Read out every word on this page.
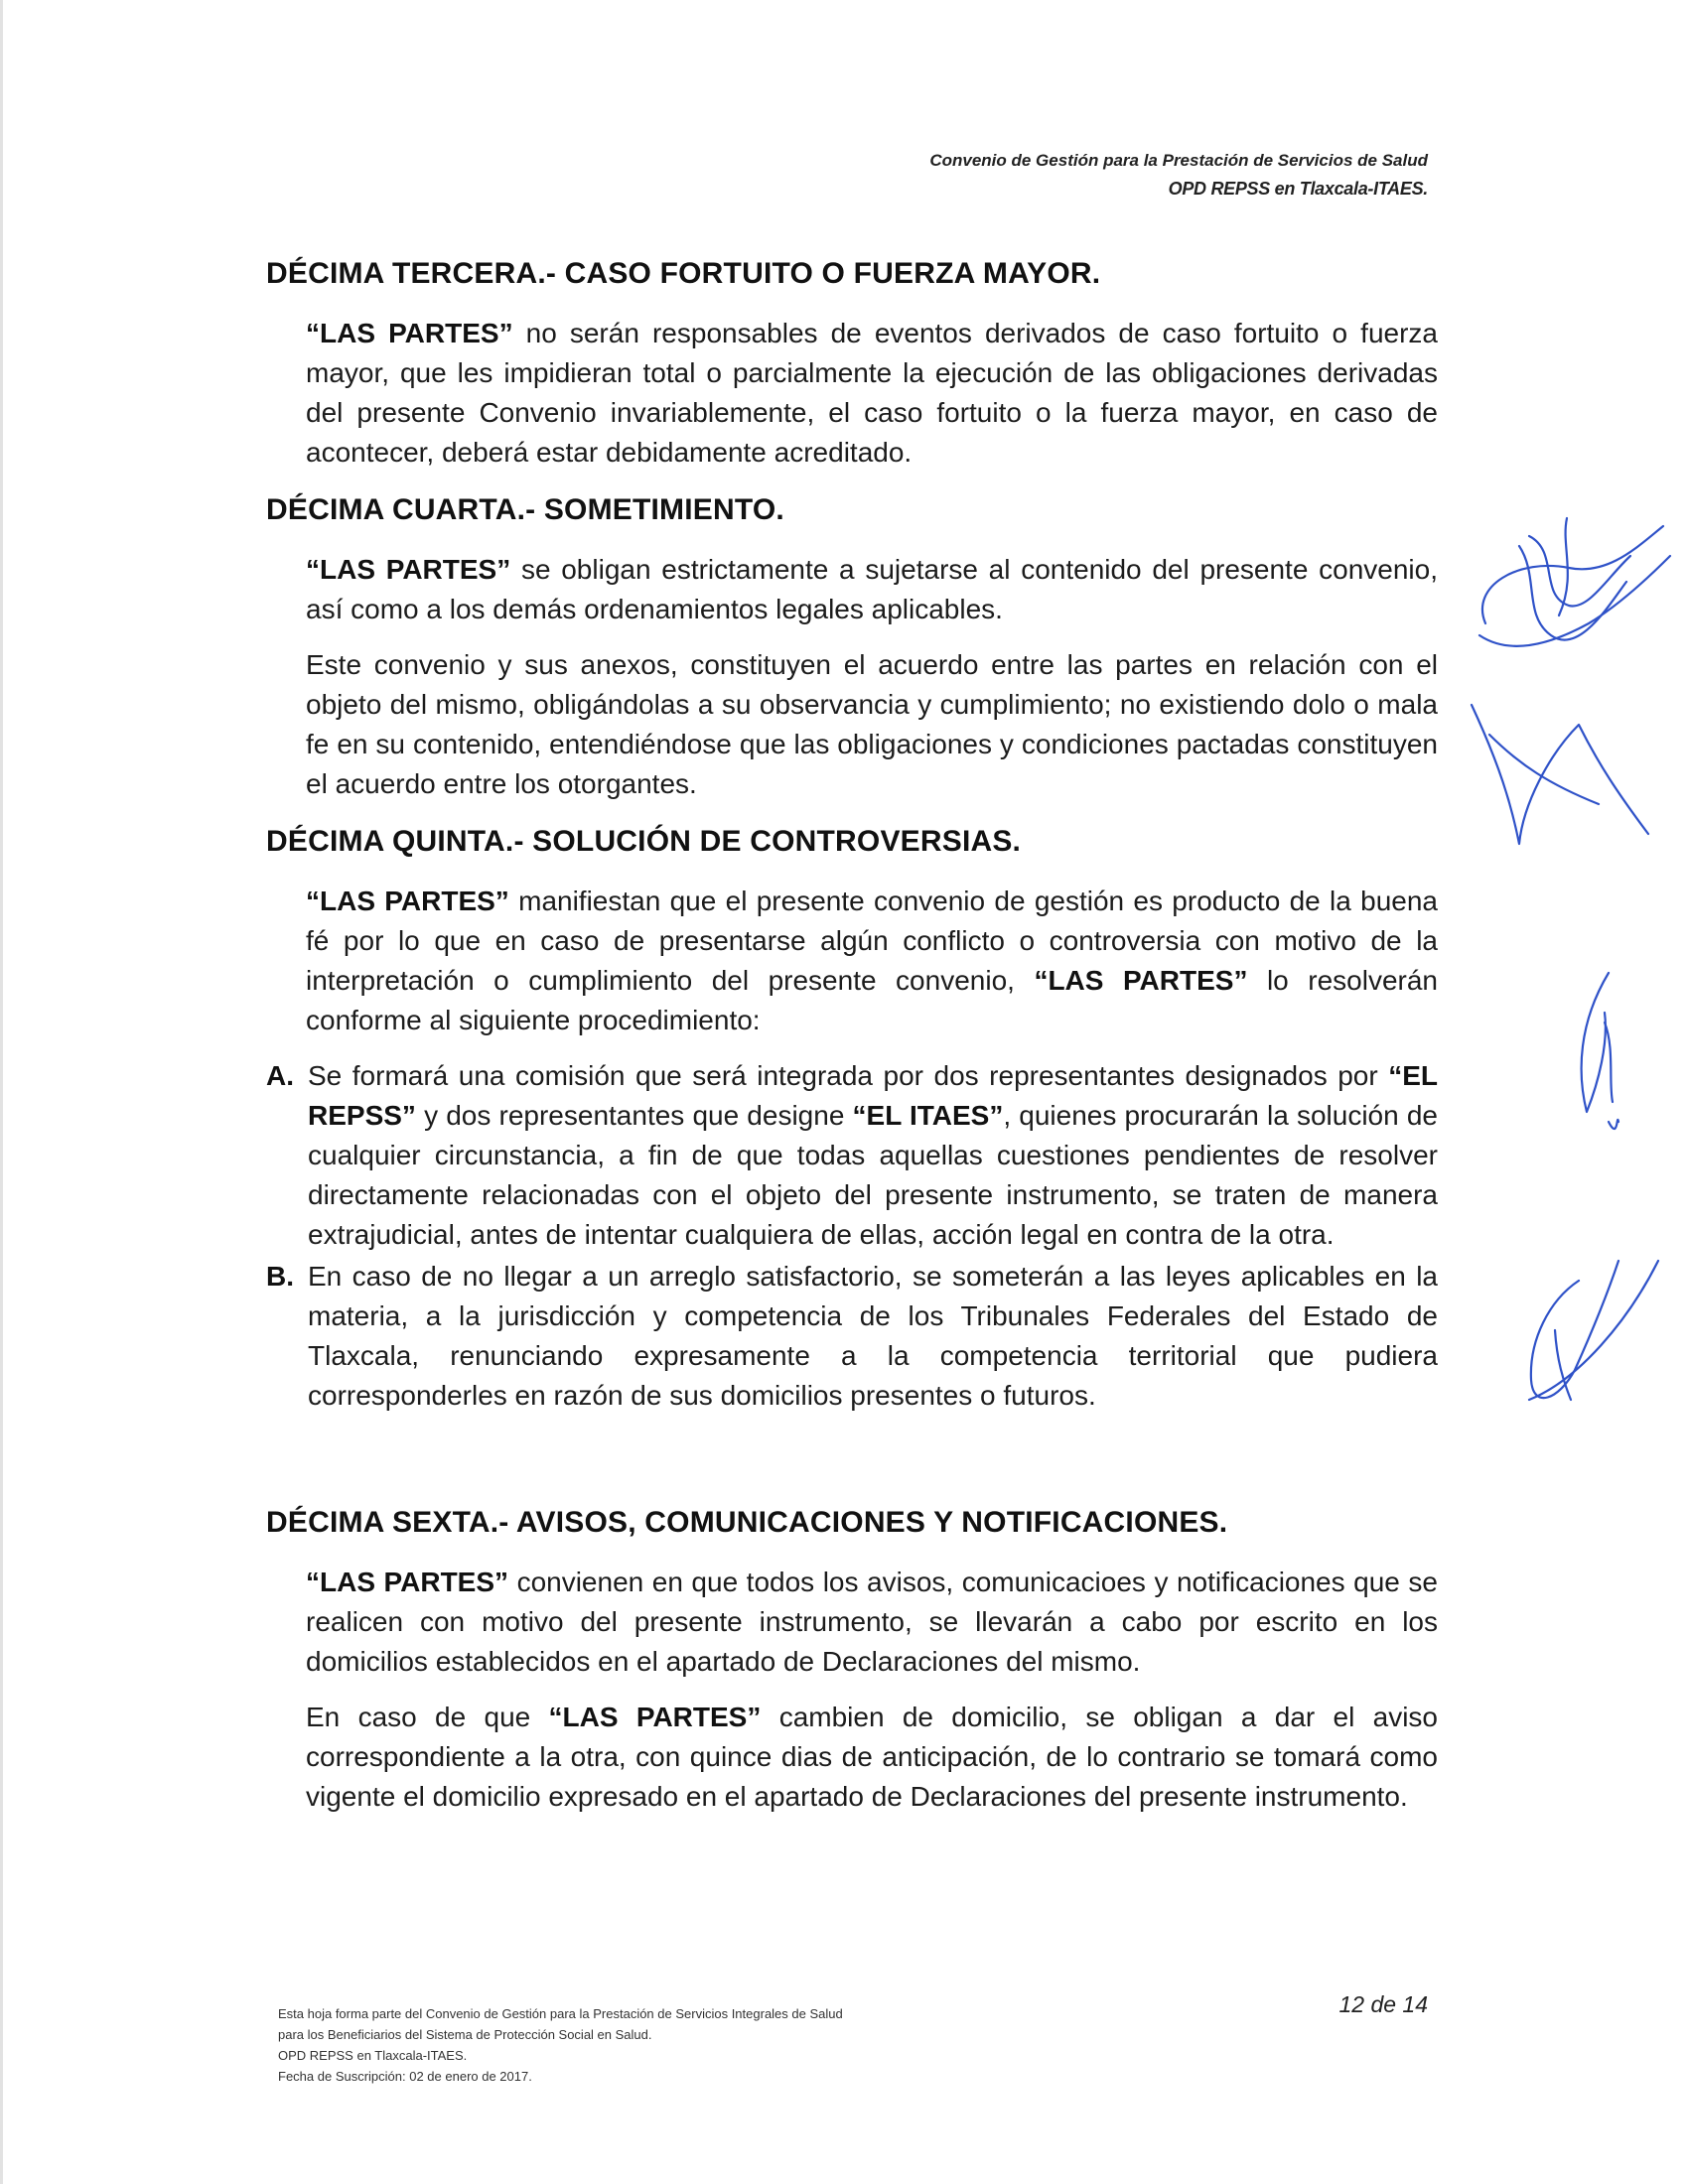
Convenio de Gestión para la Prestación de Servicios de Salud
OPD REPSS en Tlaxcala-ITAES.
DÉCIMA TERCERA.- CASO FORTUITO O FUERZA MAYOR.

“LAS PARTES” no serán responsables de eventos derivados de caso fortuito o fuerza mayor, que les impidieran total o parcialmente la ejecución de las obligaciones derivadas del presente Convenio invariablemente, el caso fortuito o la fuerza mayor, en caso de acontecer, deberá estar debidamente acreditado.

DÉCIMA CUARTA.- SOMETIMIENTO.

“LAS PARTES” se obligan estrictamente a sujetarse al contenido del presente convenio, así como a los demás ordenamientos legales aplicables.

Este convenio y sus anexos, constituyen el acuerdo entre las partes en relación con el objeto del mismo, obligándolas a su observancia y cumplimiento; no existiendo dolo o mala fe en su contenido, entendiéndose que las obligaciones y condiciones pactadas constituyen el acuerdo entre los otorgantes.

DÉCIMA QUINTA.- SOLUCIÓN DE CONTROVERSIAS.

“LAS PARTES” manifiestan que el presente convenio de gestión es producto de la buena fé por lo que en caso de presentarse algún conflicto o controversia con motivo de la interpretación o cumplimiento del presente convenio, “LAS PARTES” lo resolverán conforme al siguiente procedimiento:

A. Se formará una comisión que será integrada por dos representantes designados por “EL REPSS” y dos representantes que designe “EL ITAES”, quienes procurarán la solución de cualquier circunstancia, a fin de que todas aquellas cuestiones pendientes de resolver directamente relacionadas con el objeto del presente instrumento, se traten de manera extrajudicial, antes de intentar cualquiera de ellas, acción legal en contra de la otra.
B. En caso de no llegar a un arreglo satisfactorio, se someterán a las leyes aplicables en la materia, a la jurisdicción y competencia de los Tribunales Federales del Estado de Tlaxcala, renunciando expresamente a la competencia territorial que pudiera corresponderles en razón de sus domicilios presentes o futuros.
DÉCIMA SEXTA.- AVISOS, COMUNICACIONES Y NOTIFICACIONES.

“LAS PARTES” convienen en que todos los avisos, comunicacioes y notificaciones que se realicen con motivo del presente instrumento, se llevarán a cabo por escrito en los domicilios establecidos en el apartado de Declaraciones del mismo.

En caso de que “LAS PARTES” cambien de domicilio, se obligan a dar el aviso correspondiente a la otra, con quince dias de anticipación, de lo contrario se tomará como vigente el domicilio expresado en el apartado de Declaraciones del presente instrumento.

Esta hoja forma parte del Convenio de Gestión para la Prestación de Servicios Integrales de Salud
para los Beneficiarios del Sistema de Protección Social en Salud.
OPD REPSS en Tlaxcala-ITAES.
Fecha de Suscripción: 02 de enero de 2017.
12 de 14
